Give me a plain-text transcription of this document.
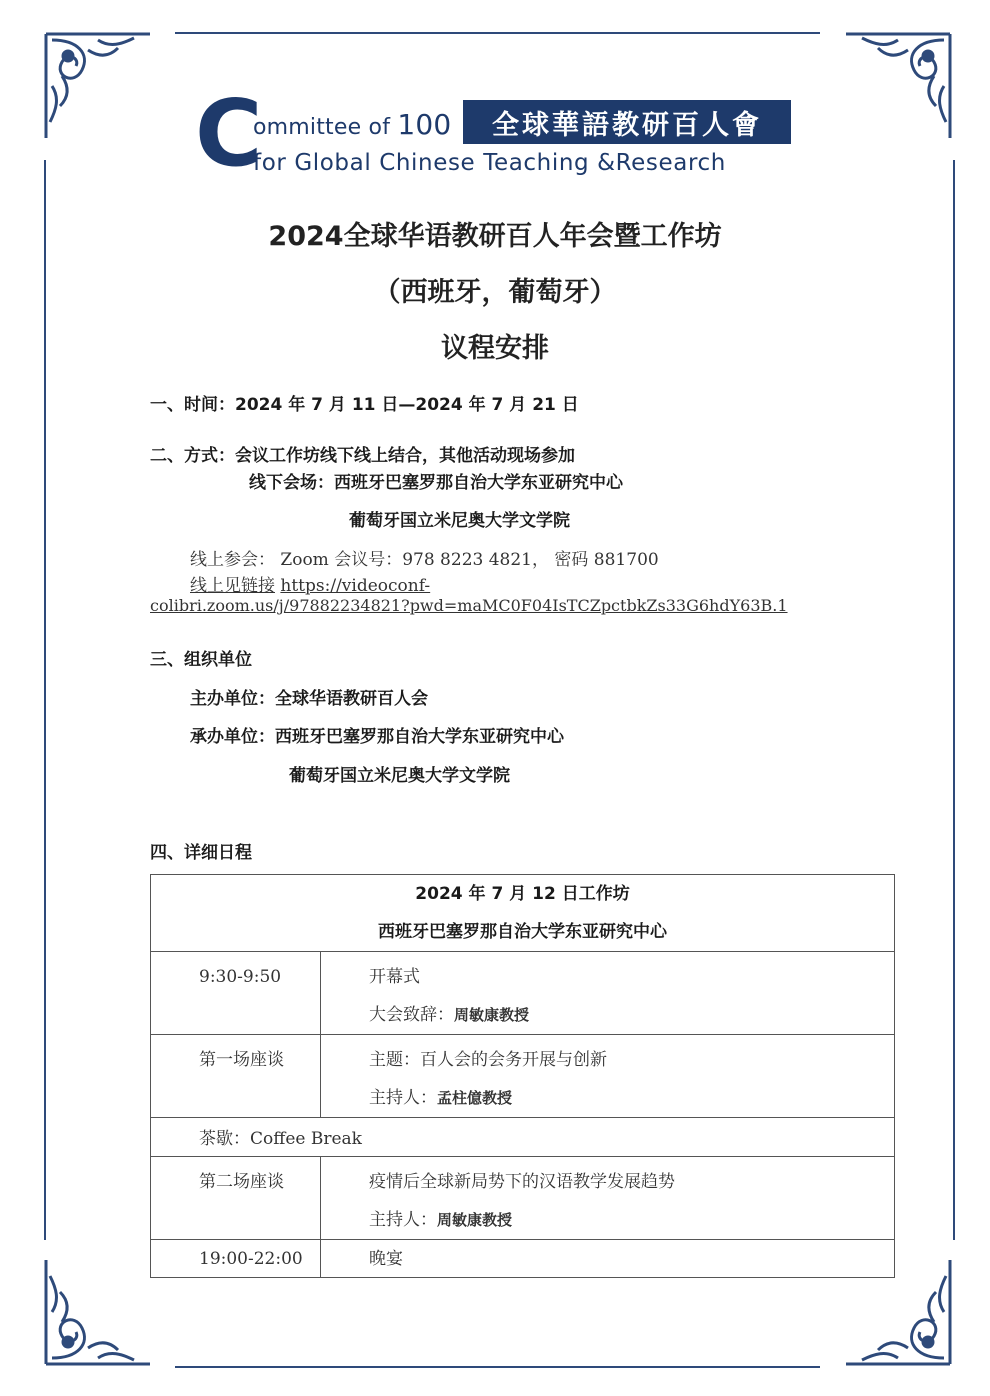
C
ommittee of 100	全球華語教研百人會
for Global Chinese Teaching &Research
2024全球华语教研百人年会暨工作坊
（西班牙，葡萄牙）
议程安排
一、时间：2024 年 7 月 11 日—2024 年 7 月 21 日
二、方式：会议工作坊线下线上结合，其他活动现场参加
线下会场：西班牙巴塞罗那自治大学东亚研究中心
葡萄牙国立米尼奥大学文学院
线上参会： Zoom 会议号：978 8223 4821， 密码 881700
线上见链接 https://videoconf-
colibri.zoom.us/j/97882234821?pwd=maMC0F04IsTCZpctbkZs33G6hdY63B.1
三、组织单位
主办单位：全球华语教研百人会
承办单位：西班牙巴塞罗那自治大学东亚研究中心
葡萄牙国立米尼奥大学文学院
四、详细日程
2024 年 7 月 12 日工作坊
西班牙巴塞罗那自治大学东亚研究中心	

9:30-9:50	开幕式
大会致辞：周敏康教授

第一场座谈	主题：百人会的会务开展与创新
主持人：孟柱億教授

茶歇：Coffee Break	

第二场座谈	疫情后全球新局势下的汉语教学发展趋势
主持人：周敏康教授

19:00-22:00	晚宴
